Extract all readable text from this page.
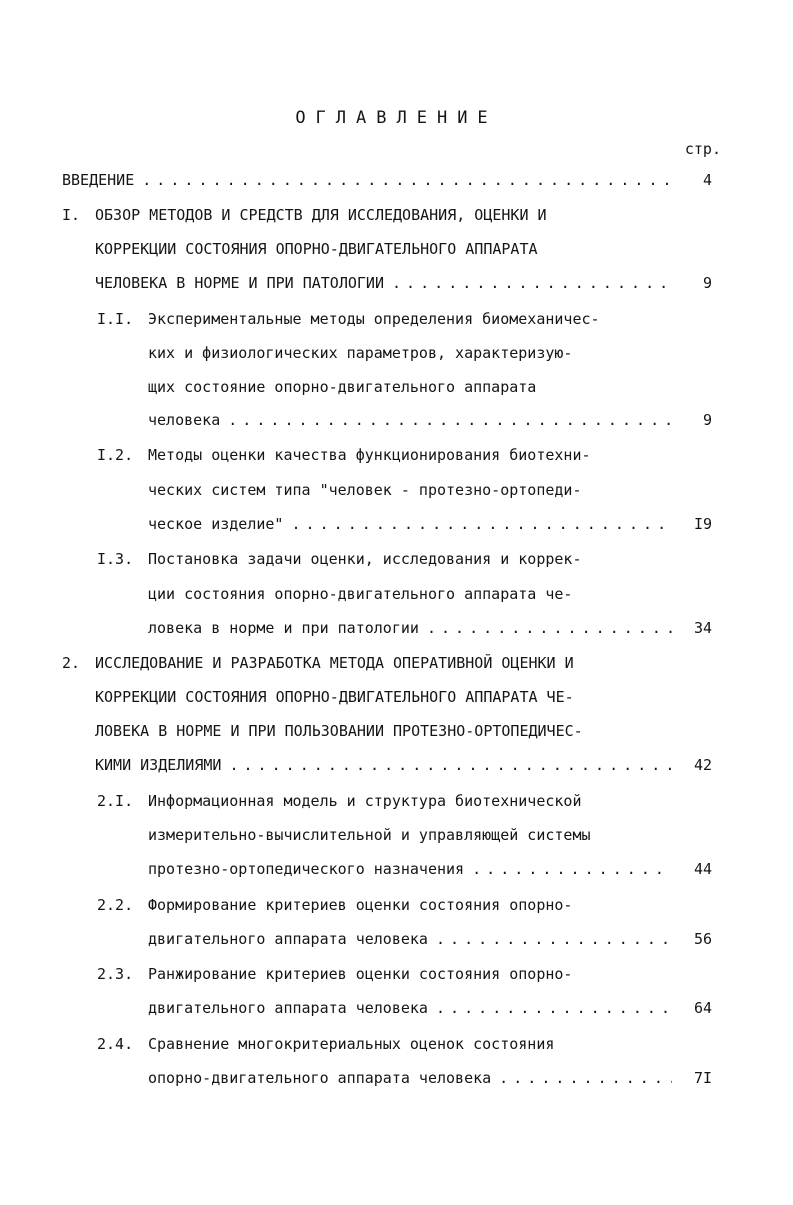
ОГЛАВЛЕНИЕ
стр.
ВВЕДЕНИЕ . . .	4
I. ОБЗОР МЕТОДОВ И СРЕДСТВ ДЛЯ ИССЛЕДОВАНИЯ, ОЦЕНКИ И
КОРРЕКЦИИ СОСТОЯНИЯ ОПОРНО-ДВИГАТЕЛЬНОГО АППАРАТА
ЧЕЛОВЕКА В НОРМЕ И ПРИ ПАТОЛОГИИ . . .	9
I.I. Экспериментальные методы определения биомеханичес-
ких и физиологических параметров, характеризую-
щих состояние опорно-двигательного аппарата
человека . . .	9
I.2. Методы оценки качества функционирования биотехни-
ческих систем типа "человек - протезно-ортопеди-
ческое изделие" . . .	I9
I.3. Постановка задачи оценки, исследования и коррек-
ции состояния опорно-двигательного аппарата че-
ловека в норме и при патологии . . .	34
2. ИССЛЕДОВАНИЕ И РАЗРАБОТКА МЕТОДА ОПЕРАТИВНОЙ ОЦЕНКИ И
КОРРЕКЦИИ СОСТОЯНИЯ ОПОРНО-ДВИГАТЕЛЬНОГО АППАРАТА ЧЕ-
ЛОВЕКА В НОРМЕ И ПРИ ПОЛЬЗОВАНИИ ПРОТЕЗНО-ОРТОПЕДИЧЕС-
КИМИ ИЗДЕЛИЯМИ . . .	42
2.I. Информационная модель и структура биотехнической
измерительно-вычислительной и управляющей системы
протезно-ортопедического назначения . . .	44
2.2. Формирование критериев оценки состояния опорно-
двигательного аппарата человека . . .	56
2.3. Ранжирование критериев оценки состояния опорно-
двигательного аппарата человека . . .	64
2.4. Сравнение многокритериальных оценок состояния
опорно-двигательного аппарата человека . . .	7I
